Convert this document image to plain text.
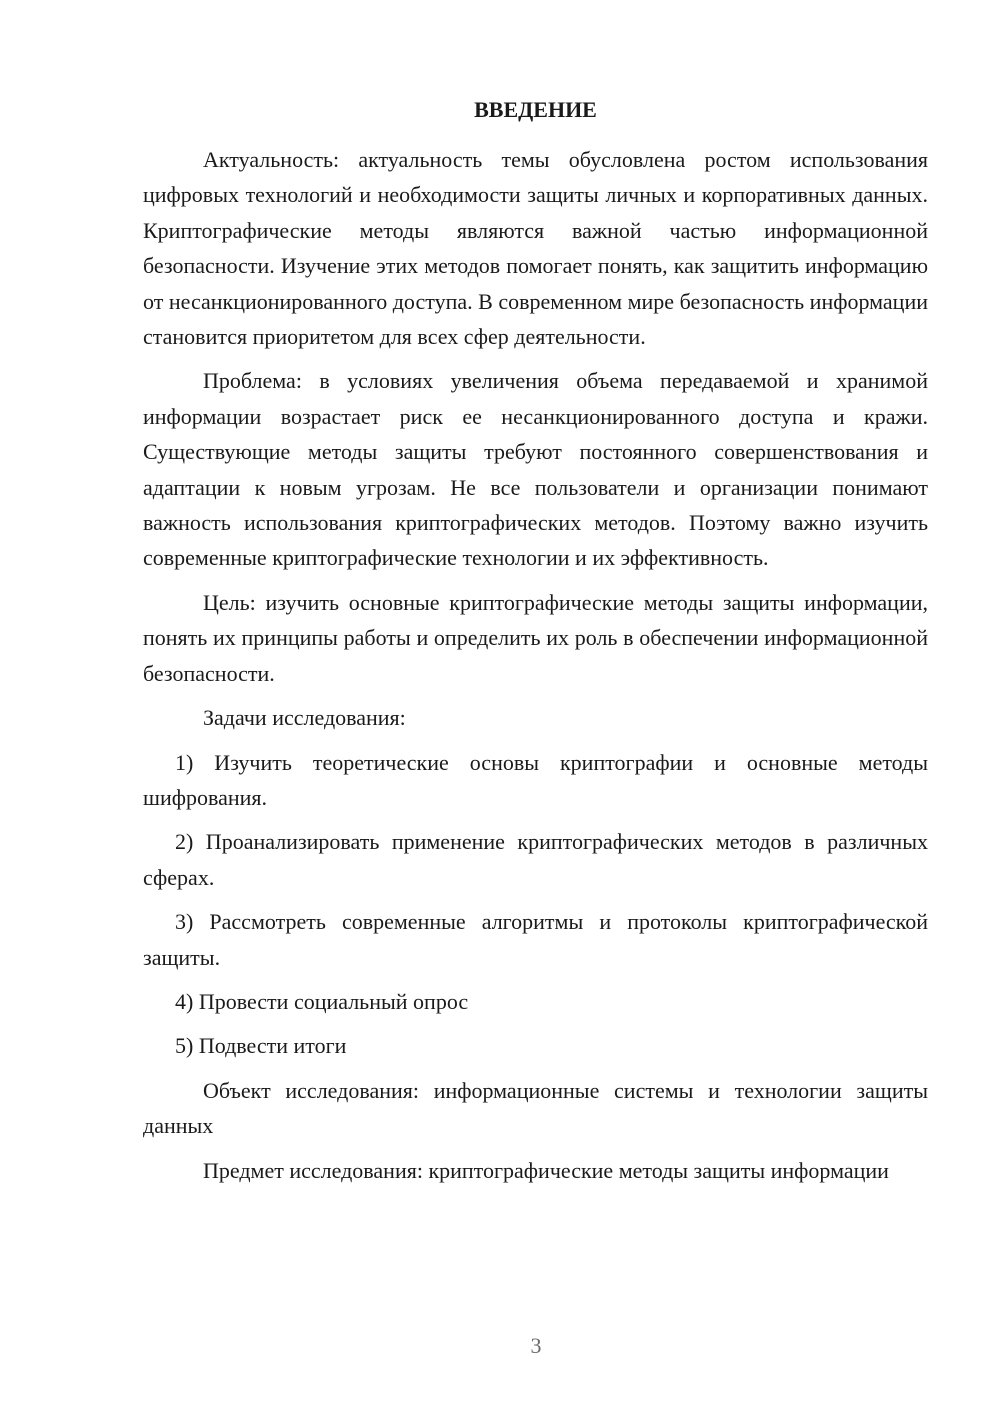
ВВЕДЕНИЕ

Актуальность: актуальность темы обусловлена ростом использования цифровых технологий и необходимости защиты личных и корпоративных данных. Криптографические методы являются важной частью информационной безопасности. Изучение этих методов помогает понять, как защитить информацию от несанкционированного доступа. В современном мире безопасность информации становится приоритетом для всех сфер деятельности.

Проблема: в условиях увеличения объема передаваемой и хранимой информации возрастает риск ее несанкционированного доступа и кражи. Существующие методы защиты требуют постоянного совершенствования и адаптации к новым угрозам. Не все пользователи и организации понимают важность использования криптографических методов. Поэтому важно изучить современные криптографические технологии и их эффективность.

Цель: изучить основные криптографические методы защиты информации, понять их принципы работы и определить их роль в обеспечении информационной безопасности.

Задачи исследования:

1) Изучить теоретические основы криптографии и основные методы шифрования.

2) Проанализировать применение криптографических методов в различных сферах.

3) Рассмотреть современные алгоритмы и протоколы криптографической защиты.

4) Провести социальный опрос

5) Подвести итоги

Объект исследования: информационные системы и технологии защиты данных

Предмет исследования: криптографические методы защиты информации

3
